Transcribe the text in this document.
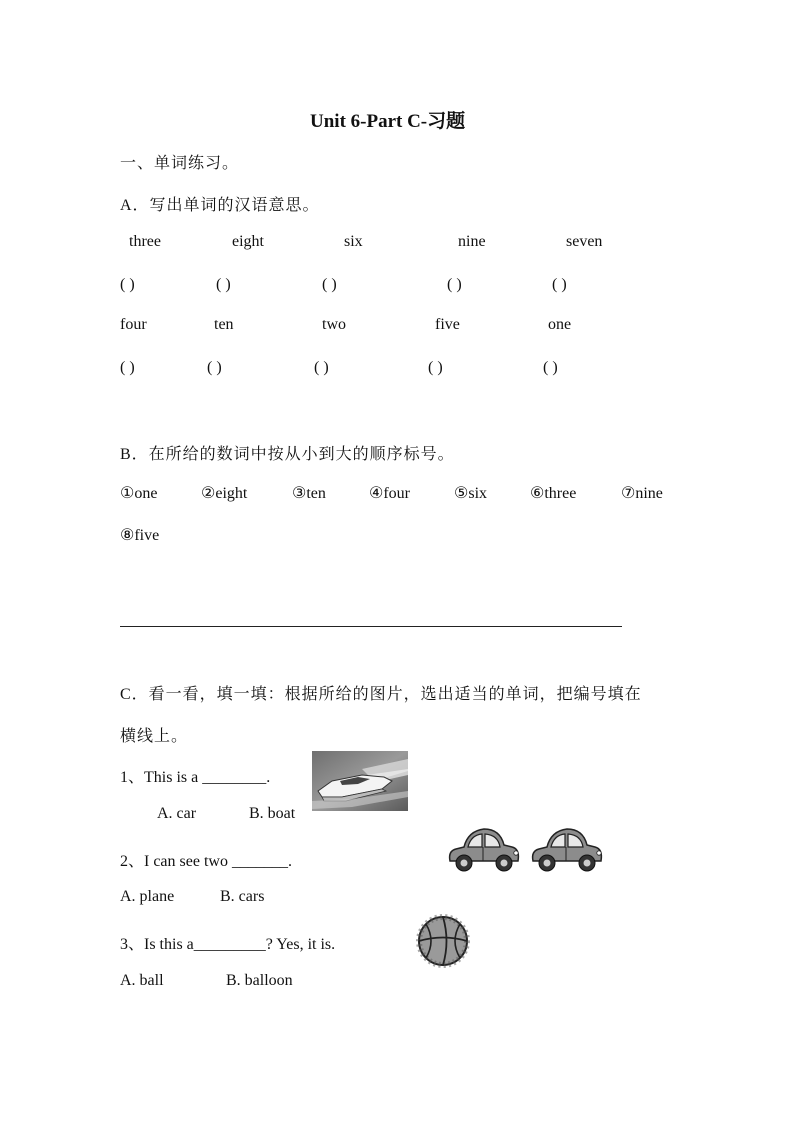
Unit 6-Part C-习题
一、单词练习。
A．写出单词的汉语意思。
three	eight	six	nine	seven
( )	( )	( )	( )	( )
four	ten	two	five	one
( )	( )	( )	( )	( )
B．在所给的数词中按从小到大的顺序标号。
①one	②eight	③ten	④four	⑤six	⑥three	⑦nine
⑧five
C．看一看，填一填：根据所给的图片，选出适当的单词，把编号填在
横线上。
1、This is a ________.
A. car	B. boat
2、I can see two _______.
A. plane	B. cars
3、Is this a_________? Yes, it is.
A. ball	B. balloon
